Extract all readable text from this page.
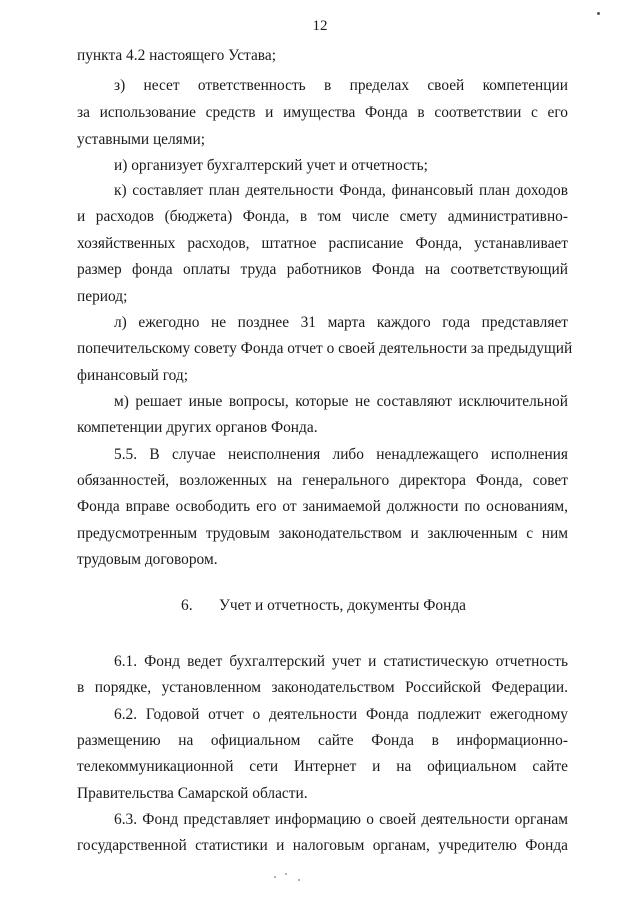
12
пункта 4.2 настоящего Устава;
з) несет ответственность в пределах своей компетенции
за использование средств и имущества Фонда в соответствии с его
уставными целями;
и) организует бухгалтерский учет и отчетность;
к) составляет план деятельности Фонда, финансовый план доходов
и расходов (бюджета) Фонда, в том числе смету административно-
хозяйственных расходов, штатное расписание Фонда, устанавливает
размер фонда оплаты труда работников Фонда на соответствующий
период;
л) ежегодно не позднее 31 марта каждого года представляет
попечительскому совету Фонда отчет о своей деятельности за предыдущий
финансовый год;
м) решает иные вопросы, которые не составляют исключительной
компетенции других органов Фонда.
5.5. В случае неисполнения либо ненадлежащего исполнения
обязанностей, возложенных на генерального директора Фонда, совет
Фонда вправе освободить его от занимаемой должности по основаниям,
предусмотренным трудовым законодательством и заключенным с ним
трудовым договором.
6. Учет и отчетность, документы Фонда
6.1. Фонд ведет бухгалтерский учет и статистическую отчетность
в порядке, установленном законодательством Российской Федерации.
6.2. Годовой отчет о деятельности Фонда подлежит ежегодному
размещению на официальном сайте Фонда в информационно-
телекоммуникационной сети Интернет и на официальном сайте
Правительства Самарской области.
6.3. Фонд представляет информацию о своей деятельности органам
государственной статистики и налоговым органам, учредителю Фонда
